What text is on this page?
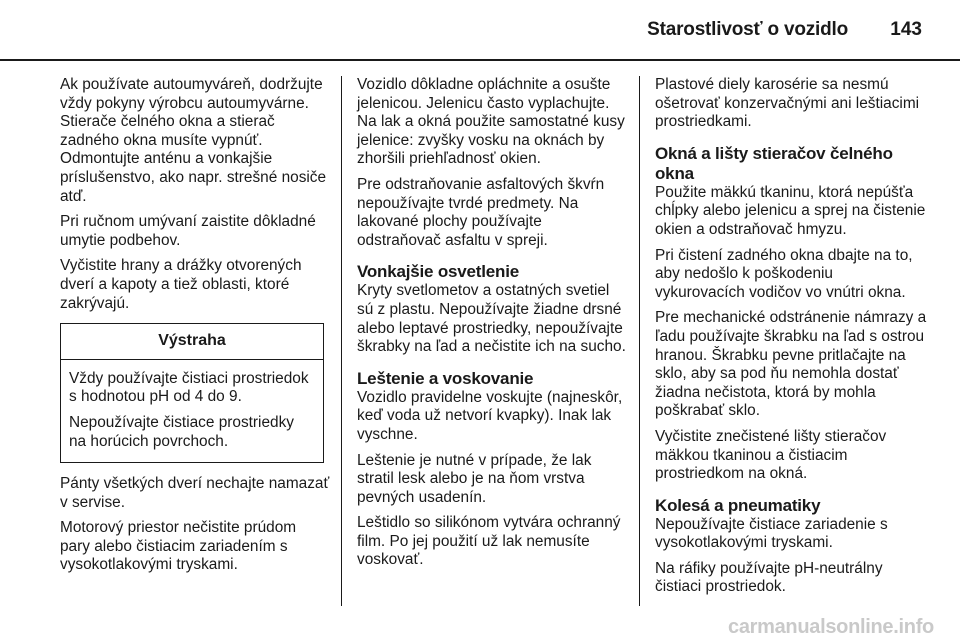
Starostlivosť o vozidlo 143

Ak používate autoumyváreň, dodržujte vždy pokyny výrobcu autoumyvárne. Stierače čelného okna a stierač zadného okna musíte vypnúť. Odmontujte anténu a vonkajšie príslušenstvo, ako napr. strešné nosiče atď.

Pri ručnom umývaní zaistite dôkladné umytie podbehov.

Vyčistite hrany a drážky otvorených dverí a kapoty a tiež oblasti, ktoré zakrývajú.

Výstraha

Vždy používajte čistiaci prostriedok s hodnotou pH od 4 do 9.

Nepoužívajte čistiace prostriedky na horúcich povrchoch.

Pánty všetkých dverí nechajte namazať v servise.

Motorový priestor nečistite prúdom pary alebo čistiacim zariadením s vysokotlakovými tryskami.

Vozidlo dôkladne opláchnite a osušte jelenicou. Jelenicu často vyplachujte. Na lak a okná použite samostatné kusy jelenice: zvyšky vosku na oknách by zhoršili priehľadnosť okien.

Pre odstraňovanie asfaltových škvŕn nepoužívajte tvrdé predmety. Na lakované plochy používajte odstraňovač asfaltu v spreji.

Vonkajšie osvetlenie

Kryty svetlometov a ostatných svetiel sú z plastu. Nepoužívajte žiadne drsné alebo leptavé prostriedky, nepoužívajte škrabky na ľad a nečistite ich na sucho.

Leštenie a voskovanie

Vozidlo pravidelne voskujte (najneskôr, keď voda už netvorí kvapky). Inak lak vyschne.

Leštenie je nutné v prípade, že lak stratil lesk alebo je na ňom vrstva pevných usadenín.

Leštidlo so silikónom vytvára ochranný film. Po jej použití už lak nemusíte voskovať.

Plastové diely karosérie sa nesmú ošetrovať konzervačnými ani leštiacimi prostriedkami.

Okná a lišty stieračov čelného okna

Použite mäkkú tkaninu, ktorá nepúšťa chĺpky alebo jelenicu a sprej na čistenie okien a odstraňovač hmyzu.

Pri čistení zadného okna dbajte na to, aby nedošlo k poškodeniu vykurovacích vodičov vo vnútri okna.

Pre mechanické odstránenie námrazy a ľadu používajte škrabku na ľad s ostrou hranou. Škrabku pevne pritlačajte na sklo, aby sa pod ňu nemohla dostať žiadna nečistota, ktorá by mohla poškrabať sklo.

Vyčistite znečistené lišty stieračov mäkkou tkaninou a čistiacim prostriedkom na okná.

Kolesá a pneumatiky

Nepoužívajte čistiace zariadenie s vysokotlakovými tryskami.

Na ráfiky používajte pH-neutrálny čistiaci prostriedok.

carmanualsonline.info
